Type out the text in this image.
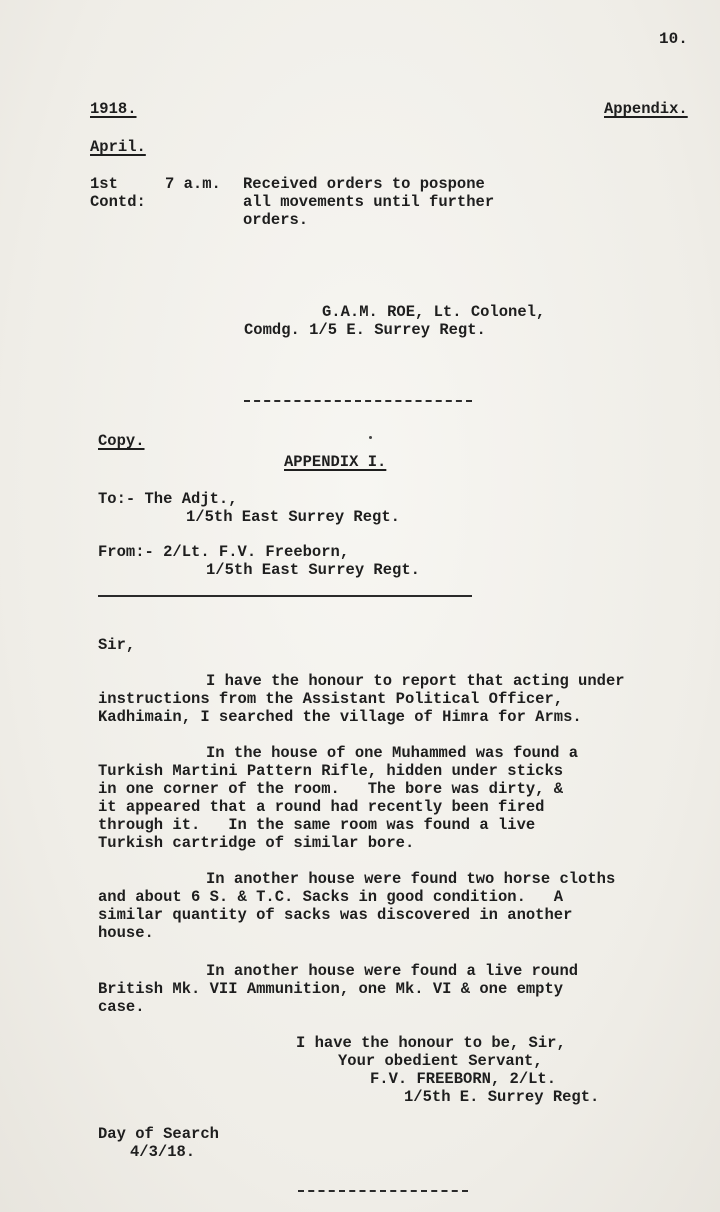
10.
1918.	Appendix.
April.
1st
Contd:
7 a.m. Received orders to pospone
all movements until further
orders.
G.A.M. ROE, Lt. Colonel,
Comdg. 1/5 E. Surrey Regt.
Copy.
APPENDIX I.
To:- The Adjt.,
1/5th East Surrey Regt.
From:- 2/Lt. F.V. Freeborn,
1/5th East Surrey Regt.
Sir,
I have the honour to report that acting under
instructions from the Assistant Political Officer,
Kadhimain, I searched the village of Himra for Arms.
In the house of one Muhammed was found a
Turkish Martini Pattern Rifle, hidden under sticks
in one corner of the room.   The bore was dirty, &
it appeared that a round had recently been fired
through it.   In the same room was found a live
Turkish cartridge of similar bore.
In another house were found two horse cloths
and about 6 S. & T.C. Sacks in good condition.   A
similar quantity of sacks was discovered in another
house.
In another house were found a live round
British Mk. VII Ammunition, one Mk. VI & one empty
case.
I have the honour to be, Sir,
Your obedient Servant,
F.V. FREEBORN, 2/Lt.
1/5th E. Surrey Regt.
Day of Search
4/3/18.
